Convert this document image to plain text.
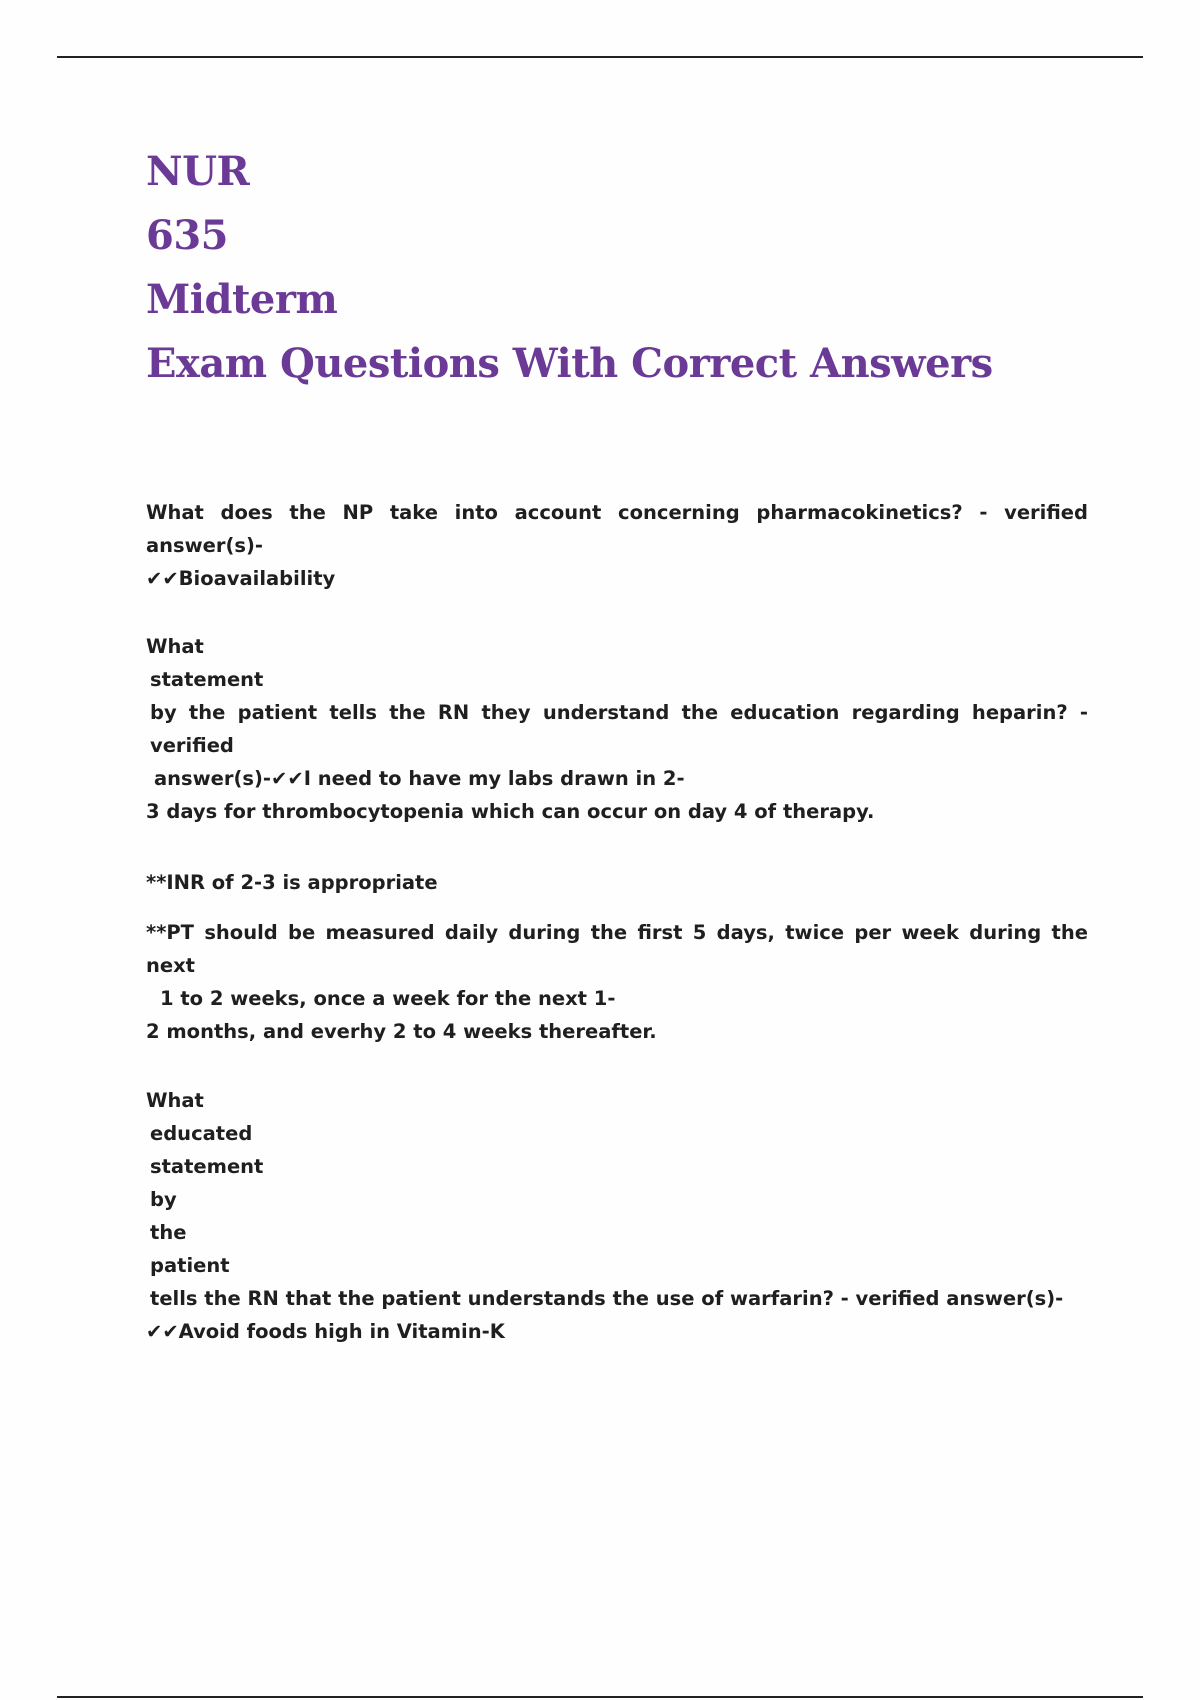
NUR
635
Midterm
Exam Questions With Correct Answers

What does the NP take into account concerning pharmacokinetics? - verified answer(s)-
✔✔Bioavailability

What
statement
by the patient tells the RN they understand the education regarding heparin? - verified
answer(s)-✔✔I need to have my labs drawn in 2-
3 days for thrombocytopenia which can occur on day 4 of therapy.

**INR of 2-3 is appropriate

**PT should be measured daily during the first 5 days, twice per week during the next
1 to 2 weeks, once a week for the next 1-
2 months, and everhy 2 to 4 weeks thereafter.

What
educated
statement
by
the
patient
tells the RN that the patient understands the use of warfarin? - verified answer(s)-
✔✔Avoid foods high in Vitamin-K
